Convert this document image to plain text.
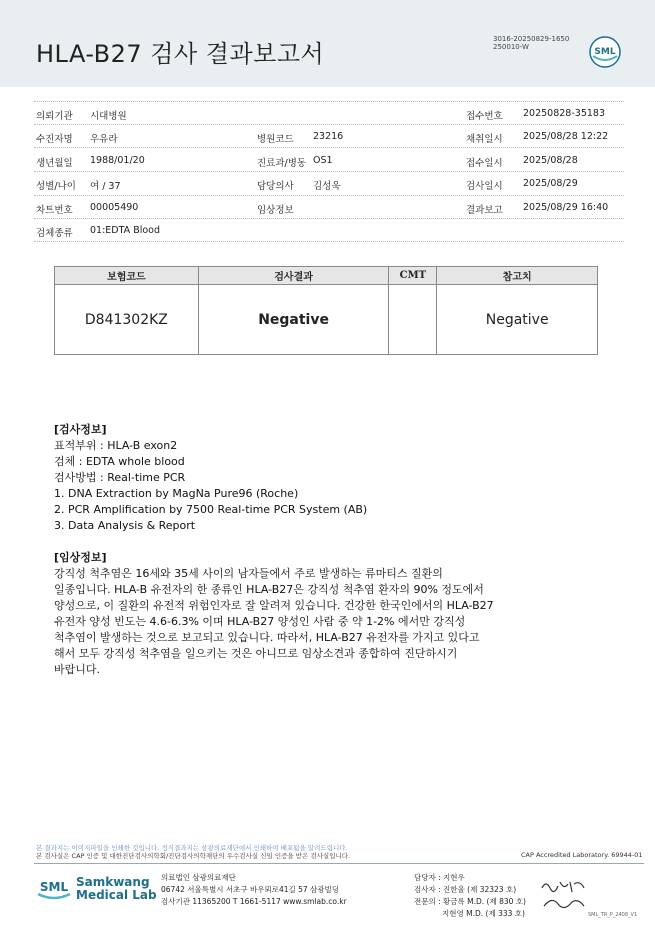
HLA-B27 검사 결과보고서
3016-20250829-1650
250010-W	SML
의뢰기관 시대병원	접수번호 20250828-35183
수진자명 우유라	병원코드 23216	채취일시 2025/08/28 12:22
생년월일 1988/01/20	진료과/병동 OS1	접수일시 2025/08/28
성별/나이 여 / 37	담당의사 김성욱	검사일시 2025/08/29
차트번호 00005490	임상정보	결과보고 2025/08/29 16:40
검체종류 01:EDTA Blood
보험코드	검사결과	CMT	참고치
D841302KZ	Negative		Negative
[검사정보]
표적부위 : HLA-B exon2
검체 : EDTA whole blood
검사방법 : Real-time PCR
1. DNA Extraction by MagNa Pure96 (Roche)
2. PCR Amplification by 7500 Real-time PCR System (AB)
3. Data Analysis & Report
[임상정보]
강직성 척추염은 16세와 35세 사이의 남자들에서 주로 발생하는 류마티스 질환의
일종입니다. HLA-B 유전자의 한 종류인 HLA-B27은 강직성 척추염 환자의 90% 정도에서
양성으로, 이 질환의 유전적 위험인자로 잘 알려져 있습니다. 건강한 한국인에서의 HLA-B27
유전자 양성 빈도는 4.6-6.3% 이며 HLA-B27 양성인 사람 중 약 1-2% 에서만 강직성
척추염이 발생하는 것으로 보고되고 있습니다. 따라서, HLA-B27 유전자를 가지고 있다고
해서 모두 강직성 척추염을 일으키는 것은 아니므로 임상소견과 종합하여 진단하시기
바랍니다.
본 결과지는 이미지파일을 인쇄한 것입니다. 정식결과지는 삼광의료재단에서 인쇄하여 배포됨을 알려드립니다.
본 검사실은 CAP 인증 및 대한진단검사의학회/진단검사의학재단의 우수검사실 신임 인증을 받은 검사실입니다.	CAP Accredited Laboratory. 69944-01
SML Samkwang
Medical Lab
의료법인 삼광의료재단
06742 서울특별시 서초구 바우뫼로41길 57 삼광빌딩
검사기관 11365200 T 1661-5117 www.smlab.co.kr
담당자 : 지현우
검사자 : 진한울 (제 32323 호)
전문의 : 황금록 M.D. (제 830 호)
지현영 M.D. (제 333 호)	SML_TR_P_2408_V1
